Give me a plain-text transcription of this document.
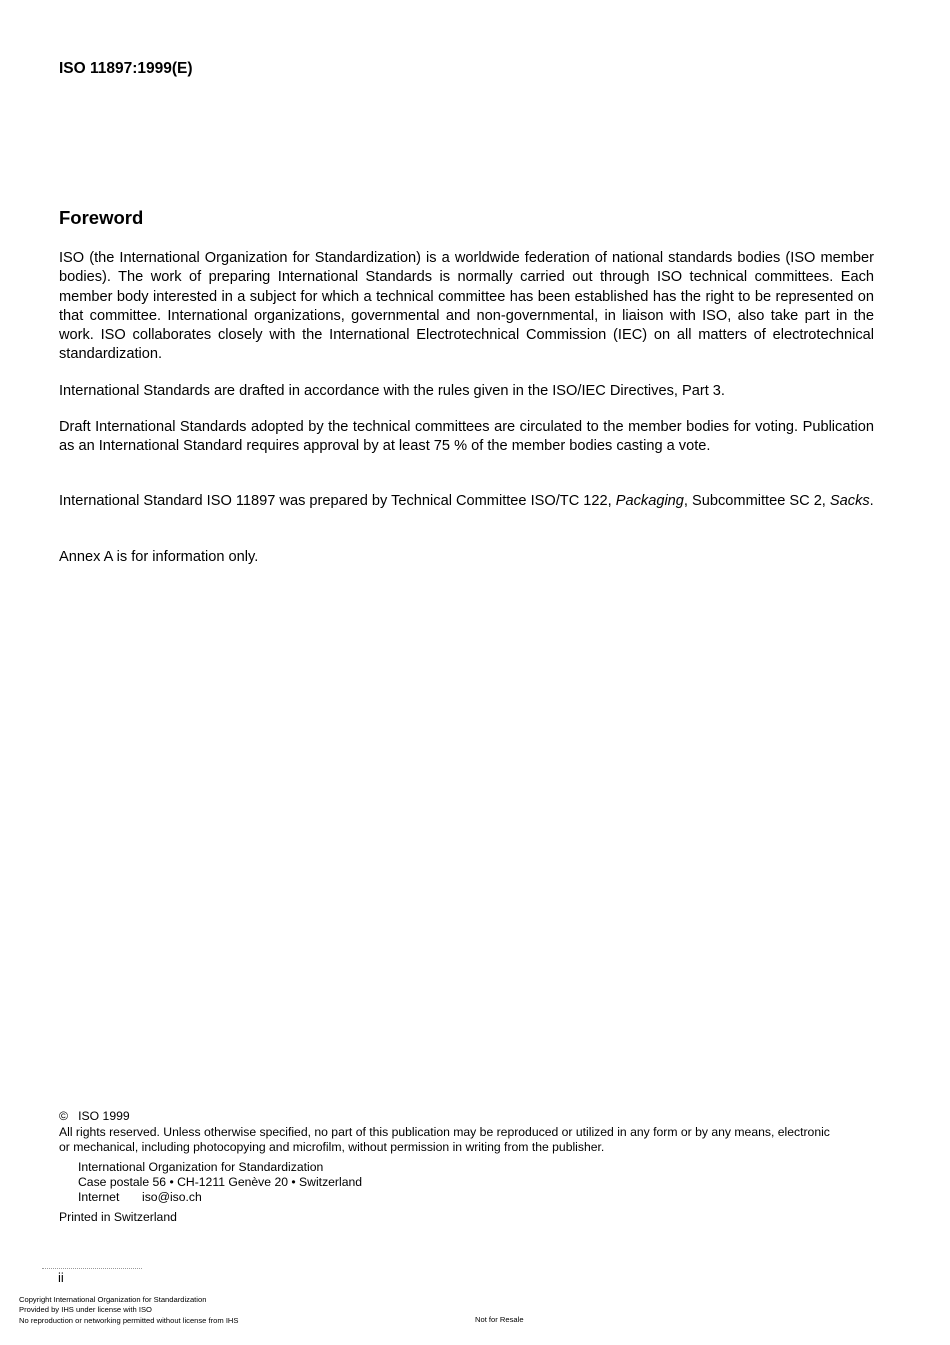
ISO 11897:1999(E)
Foreword

ISO (the International Organization for Standardization) is a worldwide federation of national standards bodies (ISO member bodies). The work of preparing International Standards is normally carried out through ISO technical committees. Each member body interested in a subject for which a technical committee has been established has the right to be represented on that committee. International organizations, governmental and non-governmental, in liaison with ISO, also take part in the work. ISO collaborates closely with the International Electrotechnical Commission (IEC) on all matters of electrotechnical standardization.

International Standards are drafted in accordance with the rules given in the ISO/IEC Directives, Part 3.

Draft International Standards adopted by the technical committees are circulated to the member bodies for voting. Publication as an International Standard requires approval by at least 75 % of the member bodies casting a vote.

International Standard ISO 11897 was prepared by Technical Committee ISO/TC 122, Packaging, Subcommittee SC 2, Sacks.

Annex A is for information only.

© ISO 1999
All rights reserved. Unless otherwise specified, no part of this publication may be reproduced or utilized in any form or by any means, electronic
or mechanical, including photocopying and microfilm, without permission in writing from the publisher.
International Organization for Standardization
Case postale 56 • CH-1211 Genève 20 • Switzerland
Internet iso@iso.ch
Printed in Switzerland
ii
Copyright International Organization for Standardization
Provided by IHS under license with ISO
No reproduction or networking permitted without license from IHS	Not for Resale
